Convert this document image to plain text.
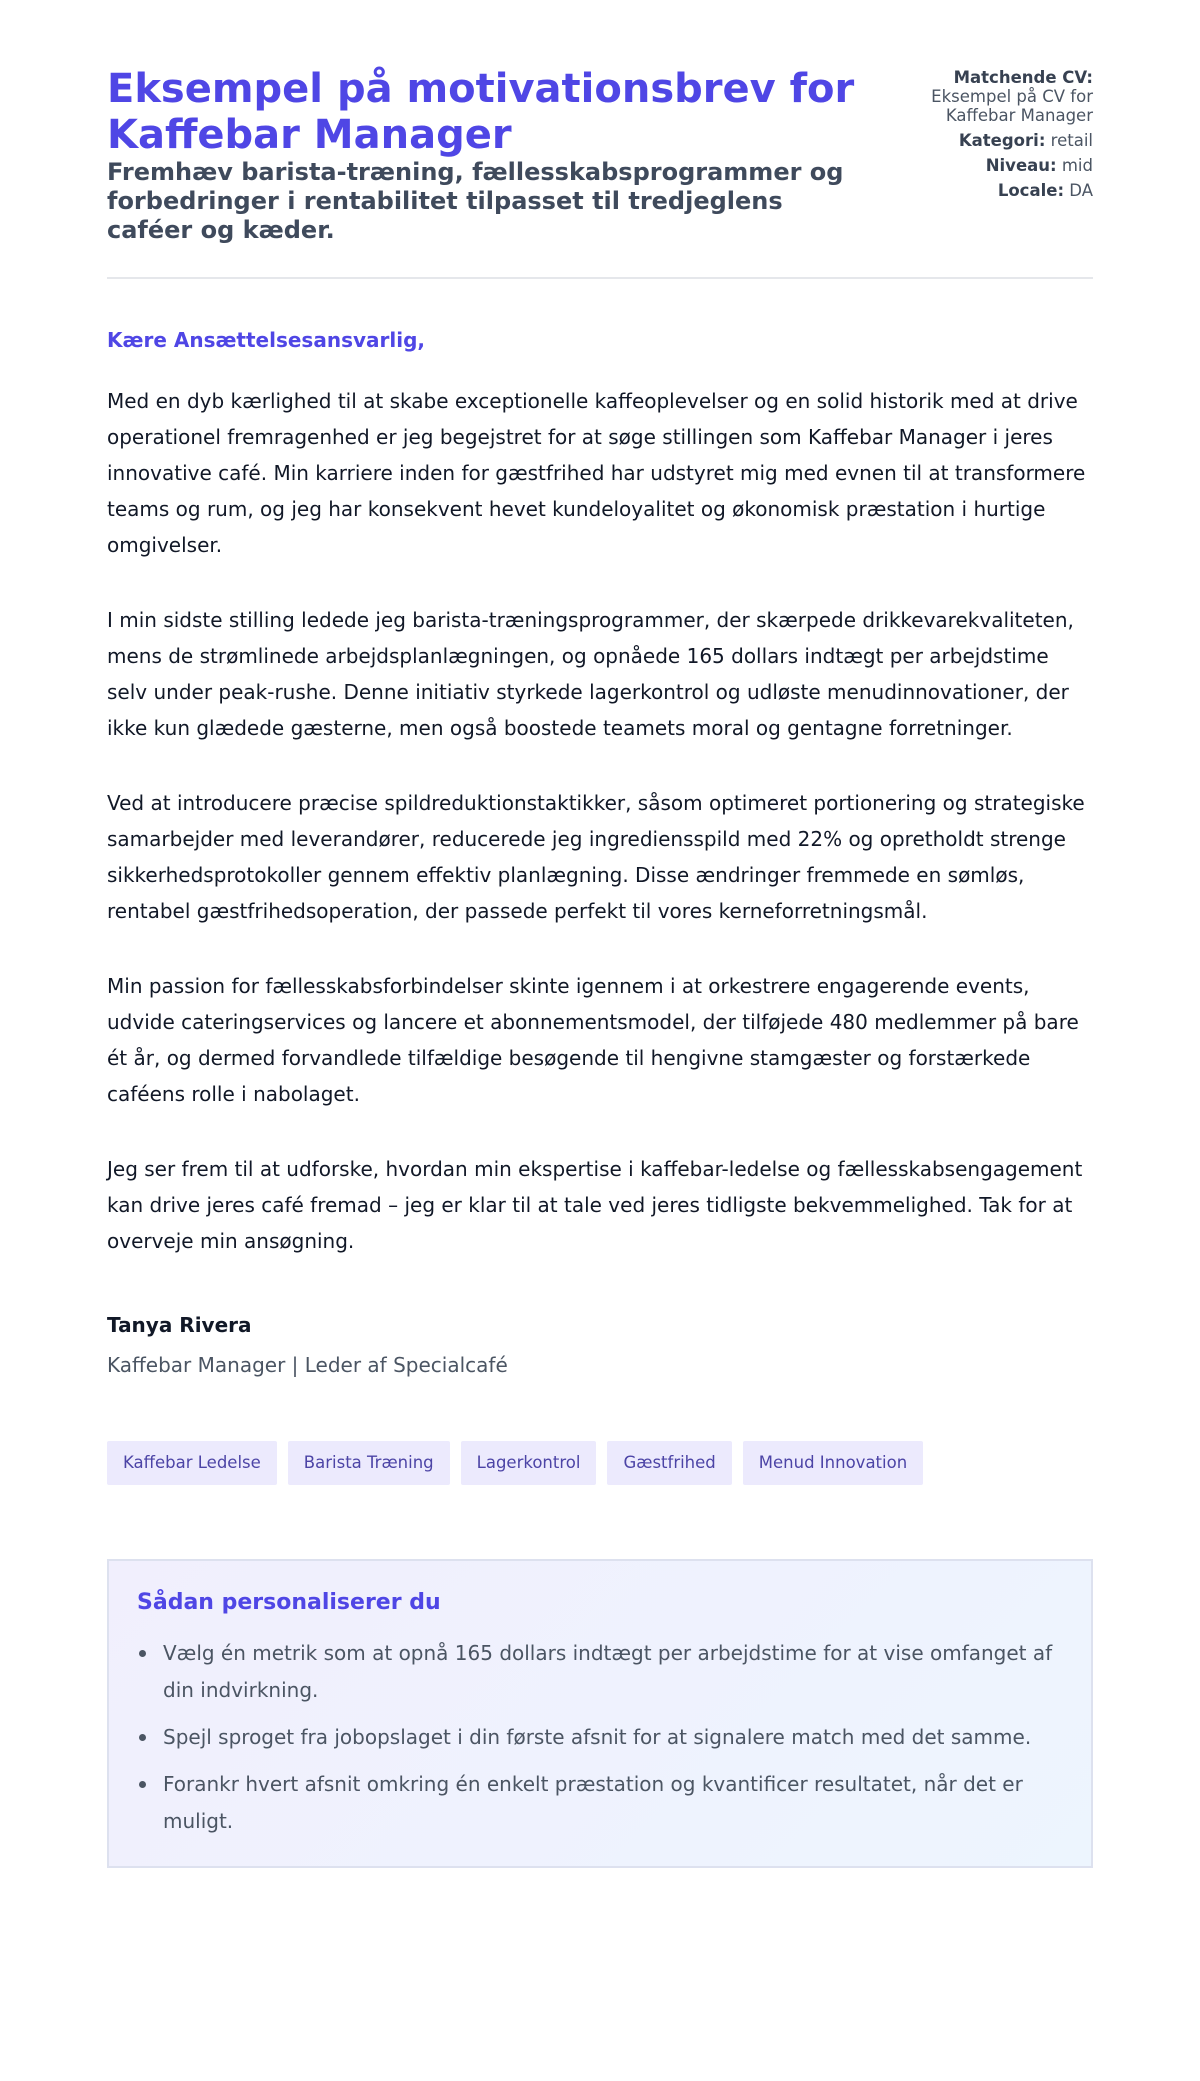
Eksempel på motivationsbrev for Kaffebar Manager
Fremhæv barista-træning, fællesskabsprogrammer og forbedringer i rentabilitet tilpasset til tredjeglens caféer og kæder.
Matchende CV:
Eksempel på CV for Kaffebar Manager
Kategori: retail
Niveau: mid
Locale: DA

Kære Ansættelsesansvarlig,

Med en dyb kærlighed til at skabe exceptionelle kaffeoplevelser og en solid historik med at drive operationel fremragenhed er jeg begejstret for at søge stillingen som Kaffebar Manager i jeres innovative café. Min karriere inden for gæstfrihed har udstyret mig med evnen til at transformere teams og rum, og jeg har konsekvent hevet kundeloyalitet og økonomisk præstation i hurtige omgivelser.

I min sidste stilling ledede jeg barista-træningsprogrammer, der skærpede drikkevarekvaliteten, mens de strømlinede arbejdsplanlægningen, og opnåede 165 dollars indtægt per arbejdstime selv under peak-rushe. Denne initiativ styrkede lagerkontrol og udløste menudinnovationer, der ikke kun glædede gæsterne, men også boostede teamets moral og gentagne forretninger.

Ved at introducere præcise spildreduktionstaktikker, såsom optimeret portionering og strategiske samarbejder med leverandører, reducerede jeg ingrediensspild med 22% og opretholdt strenge sikkerhedsprotokoller gennem effektiv planlægning. Disse ændringer fremmede en sømløs, rentabel gæstfrihedsoperation, der passede perfekt til vores kerneforretningsmål.

Min passion for fællesskabsforbindelser skinte igennem i at orkestrere engagerende events, udvide cateringservices og lancere et abonnementsmodel, der tilføjede 480 medlemmer på bare ét år, og dermed forvandlede tilfældige besøgende til hengivne stamgæster og forstærkede caféens rolle i nabolaget.

Jeg ser frem til at udforske, hvordan min ekspertise i kaffebar-ledelse og fællesskabsengagement kan drive jeres café fremad – jeg er klar til at tale ved jeres tidligste bekvemmelighed. Tak for at overveje min ansøgning.

Tanya Rivera
Kaffebar Manager | Leder af Specialcafé
Kaffebar Ledelse	Barista Træning	Lagerkontrol	Gæstfrihed	Menud Innovation
Sådan personaliserer du
Vælg én metrik som at opnå 165 dollars indtægt per arbejdstime for at vise omfanget af din indvirkning.
Spejl sproget fra jobopslaget i din første afsnit for at signalere match med det samme.
Forankr hvert afsnit omkring én enkelt præstation og kvantificer resultatet, når det er muligt.
